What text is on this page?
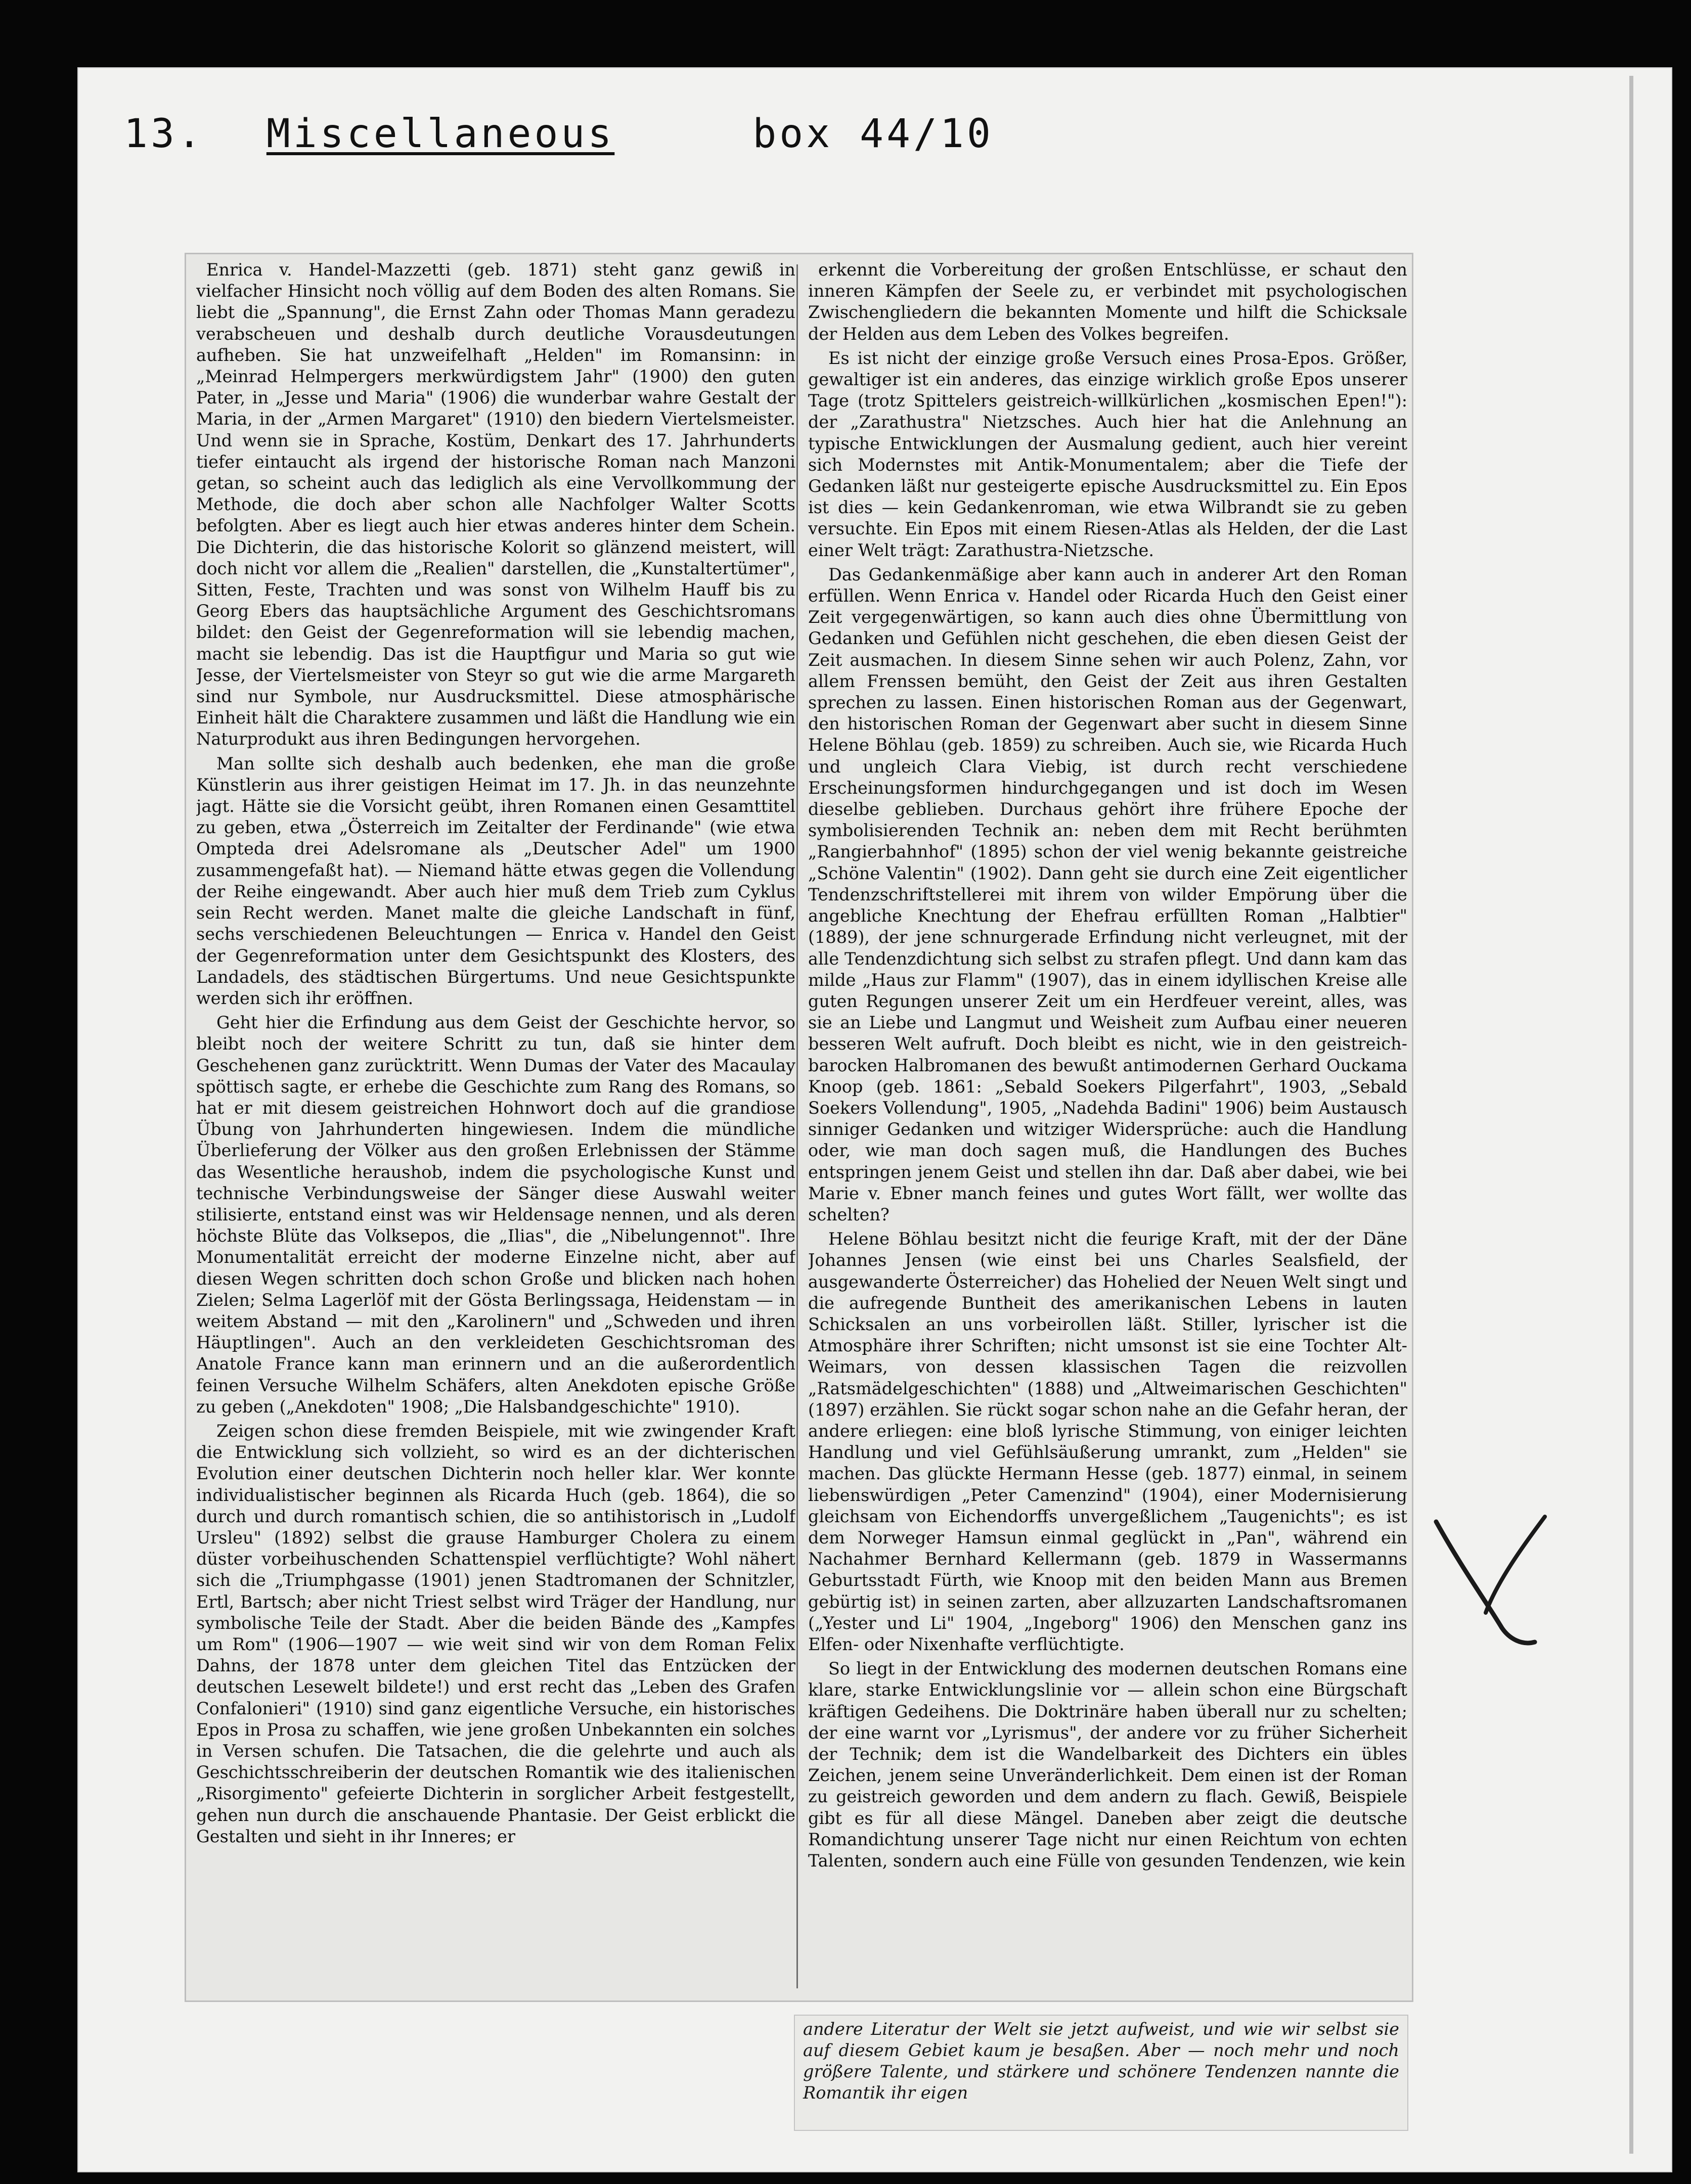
13. Miscellaneous	box 44/10

Enrica v. Handel-Mazzetti (geb. 1871) steht ganz gewiß in vielfacher Hinsicht noch völlig auf dem Boden des alten Romans. Sie liebt die „Spannung", die Ernst Zahn oder Thomas Mann geradezu verabscheuen und deshalb durch deutliche Vorausdeutungen aufheben. Sie hat unzweifelhaft „Helden" im Romansinn: in „Meinrad Helmpergers merkwürdigstem Jahr" (1900) den guten Pater, in „Jesse und Maria" (1906) die wunderbar wahre Gestalt der Maria, in der „Armen Margaret" (1910) den biedern Viertelsmeister. Und wenn sie in Sprache, Kostüm, Denkart des 17. Jahrhunderts tiefer eintaucht als irgend der historische Roman nach Manzoni getan, so scheint auch das lediglich als eine Vervollkommung der Methode, die doch aber schon alle Nachfolger Walter Scotts befolgten. Aber es liegt auch hier etwas anderes hinter dem Schein. Die Dichterin, die das historische Kolorit so glänzend meistert, will doch nicht vor allem die „Realien" darstellen, die „Kunstaltertümer", Sitten, Feste, Trachten und was sonst von Wilhelm Hauff bis zu Georg Ebers das hauptsächliche Argument des Geschichtsromans bildet: den Geist der Gegenreformation will sie lebendig machen, macht sie lebendig. Das ist die Hauptfigur und Maria so gut wie Jesse, der Viertelsmeister von Steyr so gut wie die arme Margareth sind nur Symbole, nur Ausdrucksmittel. Diese atmosphärische Einheit hält die Charaktere zusammen und läßt die Handlung wie ein Naturprodukt aus ihren Bedingungen hervorgehen.

Man sollte sich deshalb auch bedenken, ehe man die große Künstlerin aus ihrer geistigen Heimat im 17. Jh. in das neunzehnte jagt. Hätte sie die Vorsicht geübt, ihren Romanen einen Gesamttitel zu geben, etwa „Österreich im Zeitalter der Ferdinande" (wie etwa Ompteda drei Adelsromane als „Deutscher Adel" um 1900 zusammengefaßt hat). — Niemand hätte etwas gegen die Vollendung der Reihe eingewandt. Aber auch hier muß dem Trieb zum Cyklus sein Recht werden. Manet malte die gleiche Landschaft in fünf, sechs verschiedenen Beleuchtungen — Enrica v. Handel den Geist der Gegenreformation unter dem Gesichtspunkt des Klosters, des Landadels, des städtischen Bürgertums. Und neue Gesichtspunkte werden sich ihr eröffnen.

Geht hier die Erfindung aus dem Geist der Geschichte hervor, so bleibt noch der weitere Schritt zu tun, daß sie hinter dem Geschehenen ganz zurücktritt. Wenn Dumas der Vater des Macaulay spöttisch sagte, er erhebe die Geschichte zum Rang des Romans, so hat er mit diesem geistreichen Hohnwort doch auf die grandiose Übung von Jahrhunderten hingewiesen. Indem die mündliche Überlieferung der Völker aus den großen Erlebnissen der Stämme das Wesentliche heraushob, indem die psychologische Kunst und technische Verbindungsweise der Sänger diese Auswahl weiter stilisierte, entstand einst was wir Heldensage nennen, und als deren höchste Blüte das Volksepos, die „Ilias", die „Nibelungennot". Ihre Monumentalität erreicht der moderne Einzelne nicht, aber auf diesen Wegen schritten doch schon Große und blicken nach hohen Zielen; Selma Lagerlöf mit der Gösta Berlingssaga, Heidenstam — in weitem Abstand — mit den „Karolinern" und „Schweden und ihren Häuptlingen". Auch an den verkleideten Geschichtsroman des Anatole France kann man erinnern und an die außerordentlich feinen Versuche Wilhelm Schäfers, alten Anekdoten epische Größe zu geben („Anekdoten" 1908; „Die Halsbandgeschichte" 1910).

Zeigen schon diese fremden Beispiele, mit wie zwingender Kraft die Entwicklung sich vollzieht, so wird es an der dichterischen Evolution einer deutschen Dichterin noch heller klar. Wer konnte individualistischer beginnen als Ricarda Huch (geb. 1864), die so durch und durch romantisch schien, die so antihistorisch in „Ludolf Ursleu" (1892) selbst die grause Hamburger Cholera zu einem düster vorbeihuschenden Schattenspiel verflüchtigte? Wohl nähert sich die „Triumphgasse (1901) jenen Stadtromanen der Schnitzler, Ertl, Bartsch; aber nicht Triest selbst wird Träger der Handlung, nur symbolische Teile der Stadt. Aber die beiden Bände des „Kampfes um Rom" (1906—1907 — wie weit sind wir von dem Roman Felix Dahns, der 1878 unter dem gleichen Titel das Entzücken der deutschen Lesewelt bildete!) und erst recht das „Leben des Grafen Confalonieri" (1910) sind ganz eigentliche Versuche, ein historisches Epos in Prosa zu schaffen, wie jene großen Unbekannten ein solches in Versen schufen. Die Tatsachen, die die gelehrte und auch als Geschichtsschreiberin der deutschen Romantik wie des italienischen „Risorgimento" gefeierte Dichterin in sorglicher Arbeit festgestellt, gehen nun durch die anschauende Phantasie. Der Geist erblickt die Gestalten und sieht in ihr Inneres; er

erkennt die Vorbereitung der großen Entschlüsse, er schaut den inneren Kämpfen der Seele zu, er verbindet mit psychologischen Zwischengliedern die bekannten Momente und hilft die Schicksale der Helden aus dem Leben des Volkes begreifen.

Es ist nicht der einzige große Versuch eines Prosa-Epos. Größer, gewaltiger ist ein anderes, das einzige wirklich große Epos unserer Tage (trotz Spittelers geistreich-willkürlichen „kosmischen Epen!"): der „Zarathustra" Nietzsches. Auch hier hat die Anlehnung an typische Entwicklungen der Ausmalung gedient, auch hier vereint sich Modernstes mit Antik-Monumentalem; aber die Tiefe der Gedanken läßt nur gesteigerte epische Ausdrucksmittel zu. Ein Epos ist dies — kein Gedankenroman, wie etwa Wilbrandt sie zu geben versuchte. Ein Epos mit einem Riesen-Atlas als Helden, der die Last einer Welt trägt: Zarathustra-Nietzsche.

Das Gedankenmäßige aber kann auch in anderer Art den Roman erfüllen. Wenn Enrica v. Handel oder Ricarda Huch den Geist einer Zeit vergegenwärtigen, so kann auch dies ohne Übermittlung von Gedanken und Gefühlen nicht geschehen, die eben diesen Geist der Zeit ausmachen. In diesem Sinne sehen wir auch Polenz, Zahn, vor allem Frenssen bemüht, den Geist der Zeit aus ihren Gestalten sprechen zu lassen. Einen historischen Roman aus der Gegenwart, den historischen Roman der Gegenwart aber sucht in diesem Sinne Helene Böhlau (geb. 1859) zu schreiben. Auch sie, wie Ricarda Huch und ungleich Clara Viebig, ist durch recht verschiedene Erscheinungsformen hindurchgegangen und ist doch im Wesen dieselbe geblieben. Durchaus gehört ihre frühere Epoche der symbolisierenden Technik an: neben dem mit Recht berühmten „Rangierbahnhof" (1895) schon der viel wenig bekannte geistreiche „Schöne Valentin" (1902). Dann geht sie durch eine Zeit eigentlicher Tendenzschriftstellerei mit ihrem von wilder Empörung über die angebliche Knechtung der Ehefrau erfüllten Roman „Halbtier" (1889), der jene schnurgerade Erfindung nicht verleugnet, mit der alle Tendenzdichtung sich selbst zu strafen pflegt. Und dann kam das milde „Haus zur Flamm" (1907), das in einem idyllischen Kreise alle guten Regungen unserer Zeit um ein Herdfeuer vereint, alles, was sie an Liebe und Langmut und Weisheit zum Aufbau einer neueren besseren Welt aufruft. Doch bleibt es nicht, wie in den geistreich-barocken Halbromanen des bewußt antimodernen Gerhard Ouckama Knoop (geb. 1861: „Sebald Soekers Pilgerfahrt", 1903, „Sebald Soekers Vollendung", 1905, „Nadehda Badini" 1906) beim Austausch sinniger Gedanken und witziger Widersprüche: auch die Handlung oder, wie man doch sagen muß, die Handlungen des Buches entspringen jenem Geist und stellen ihn dar. Daß aber dabei, wie bei Marie v. Ebner manch feines und gutes Wort fällt, wer wollte das schelten?

Helene Böhlau besitzt nicht die feurige Kraft, mit der der Däne Johannes Jensen (wie einst bei uns Charles Sealsfield, der ausgewanderte Österreicher) das Hohelied der Neuen Welt singt und die aufregende Buntheit des amerikanischen Lebens in lauten Schicksalen an uns vorbeirollen läßt. Stiller, lyrischer ist die Atmosphäre ihrer Schriften; nicht umsonst ist sie eine Tochter Alt-Weimars, von dessen klassischen Tagen die reizvollen „Ratsmädelgeschichten" (1888) und „Altweimarischen Geschichten" (1897) erzählen. Sie rückt sogar schon nahe an die Gefahr heran, der andere erliegen: eine bloß lyrische Stimmung, von einiger leichten Handlung und viel Gefühlsäußerung umrankt, zum „Helden" sie machen. Das glückte Hermann Hesse (geb. 1877) einmal, in seinem liebenswürdigen „Peter Camenzind" (1904), einer Modernisierung gleichsam von Eichendorffs unvergeßlichem „Taugenichts"; es ist dem Norweger Hamsun einmal geglückt in „Pan", während ein Nachahmer Bernhard Kellermann (geb. 1879 in Wassermanns Geburtsstadt Fürth, wie Knoop mit den beiden Mann aus Bremen gebürtig ist) in seinen zarten, aber allzuzarten Landschaftsromanen („Yester und Li" 1904, „Ingeborg" 1906) den Menschen ganz ins Elfen- oder Nixenhafte verflüchtigte.

So liegt in der Entwicklung des modernen deutschen Romans eine klare, starke Entwicklungslinie vor — allein schon eine Bürgschaft kräftigen Gedeihens. Die Doktrinäre haben überall nur zu schelten; der eine warnt vor „Lyrismus", der andere vor zu früher Sicherheit der Technik; dem ist die Wandelbarkeit des Dichters ein übles Zeichen, jenem seine Unveränderlichkeit. Dem einen ist der Roman zu geistreich geworden und dem andern zu flach. Gewiß, Beispiele gibt es für all diese Mängel. Daneben aber zeigt die deutsche Romandichtung unserer Tage nicht nur einen Reichtum von echten Talenten, sondern auch eine Fülle von gesunden Tendenzen, wie kein

andere Literatur der Welt sie jetzt aufweist, und wie wir selbst sie auf diesem Gebiet kaum je besaßen. Aber — noch mehr und noch größere Talente, und stärkere und schönere Tendenzen nannte die Romantik ihr eigen
